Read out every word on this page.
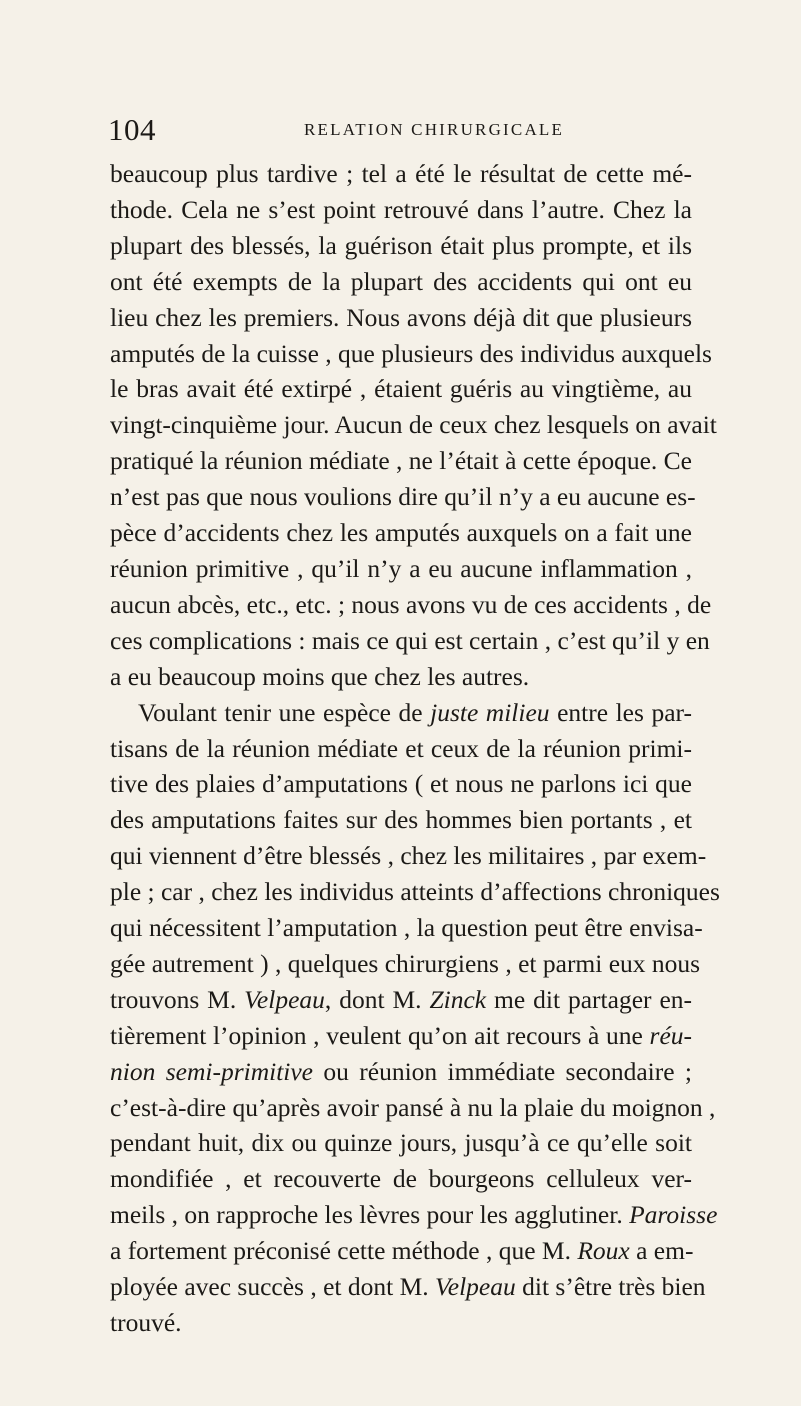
104	RELATION CHIRURGICALE
beaucoup plus tardive ; tel a été le résultat de cette mé-
thode. Cela ne s’est point retrouvé dans l’autre. Chez la
plupart des blessés, la guérison était plus prompte, et ils
ont été exempts de la plupart des accidents qui ont eu
lieu chez les premiers. Nous avons déjà dit que plusieurs
amputés de la cuisse , que plusieurs des individus auxquels
le bras avait été extirpé , étaient guéris au vingtième, au
vingt-cinquième jour. Aucun de ceux chez lesquels on avait
pratiqué la réunion médiate , ne l’était à cette époque. Ce
n’est pas que nous voulions dire qu’il n’y a eu aucune es-
pèce d’accidents chez les amputés auxquels on a fait une
réunion primitive , qu’il n’y a eu aucune inflammation ,
aucun abcès, etc., etc. ; nous avons vu de ces accidents , de
ces complications : mais ce qui est certain , c’est qu’il y en
a eu beaucoup moins que chez les autres.
Voulant tenir une espèce de juste milieu entre les par-
tisans de la réunion médiate et ceux de la réunion primi-
tive des plaies d’amputations ( et nous ne parlons ici que
des amputations faites sur des hommes bien portants , et
qui viennent d’être blessés , chez les militaires , par exem-
ple ; car , chez les individus atteints d’affections chroniques
qui nécessitent l’amputation , la question peut être envisa-
gée autrement ) , quelques chirurgiens , et parmi eux nous
trouvons M. Velpeau, dont M. Zinck me dit partager en-
tièrement l’opinion , veulent qu’on ait recours à une réu-
nion semi-primitive ou réunion immédiate secondaire ;
c’est-à-dire qu’après avoir pansé à nu la plaie du moignon ,
pendant huit, dix ou quinze jours, jusqu’à ce qu’elle soit
mondifiée , et recouverte de bourgeons celluleux ver-
meils , on rapproche les lèvres pour les agglutiner. Paroisse
a fortement préconisé cette méthode , que M. Roux a em-
ployée avec succès , et dont M. Velpeau dit s’être très bien
trouvé.
